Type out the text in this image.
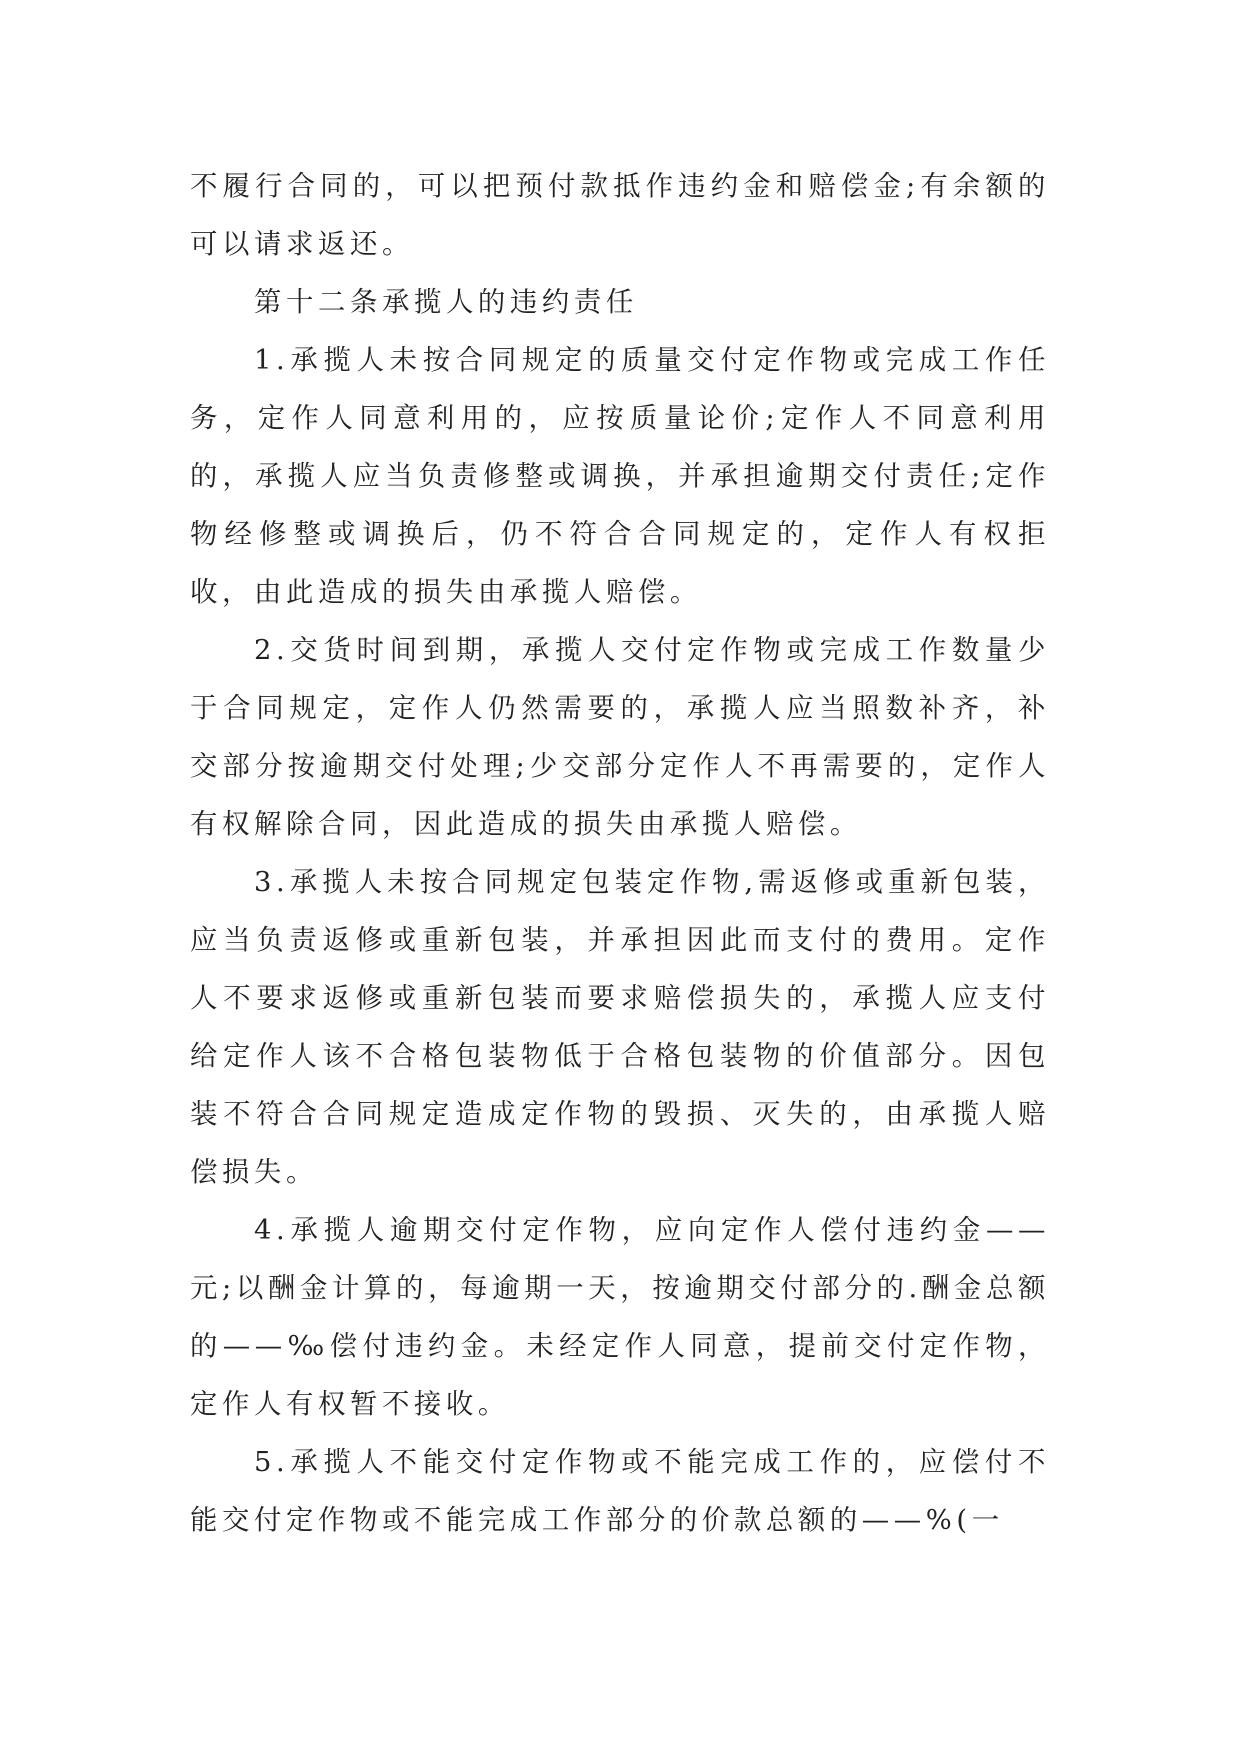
不履行合同的，可以把预付款抵作违约金和赔偿金;有余额的可以请求返还。

第十二条承揽人的违约责任

1.承揽人未按合同规定的质量交付定作物或完成工作任务，定作人同意利用的，应按质量论价;定作人不同意利用的，承揽人应当负责修整或调换，并承担逾期交付责任;定作物经修整或调换后，仍不符合合同规定的，定作人有权拒收，由此造成的损失由承揽人赔偿。

2.交货时间到期，承揽人交付定作物或完成工作数量少于合同规定，定作人仍然需要的，承揽人应当照数补齐，补交部分按逾期交付处理;少交部分定作人不再需要的，定作人有权解除合同，因此造成的损失由承揽人赔偿。

3.承揽人未按合同规定包装定作物,需返修或重新包装，应当负责返修或重新包装，并承担因此而支付的费用。定作人不要求返修或重新包装而要求赔偿损失的，承揽人应支付给定作人该不合格包装物低于合格包装物的价值部分。因包装不符合合同规定造成定作物的毁损、灭失的，由承揽人赔偿损失。

4.承揽人逾期交付定作物，应向定作人偿付违约金——元;以酬金计算的，每逾期一天，按逾期交付部分的.酬金总额的——‰偿付违约金。未经定作人同意，提前交付定作物，定作人有权暂不接收。

5.承揽人不能交付定作物或不能完成工作的，应偿付不能交付定作物或不能完成工作部分的价款总额的——%(一
